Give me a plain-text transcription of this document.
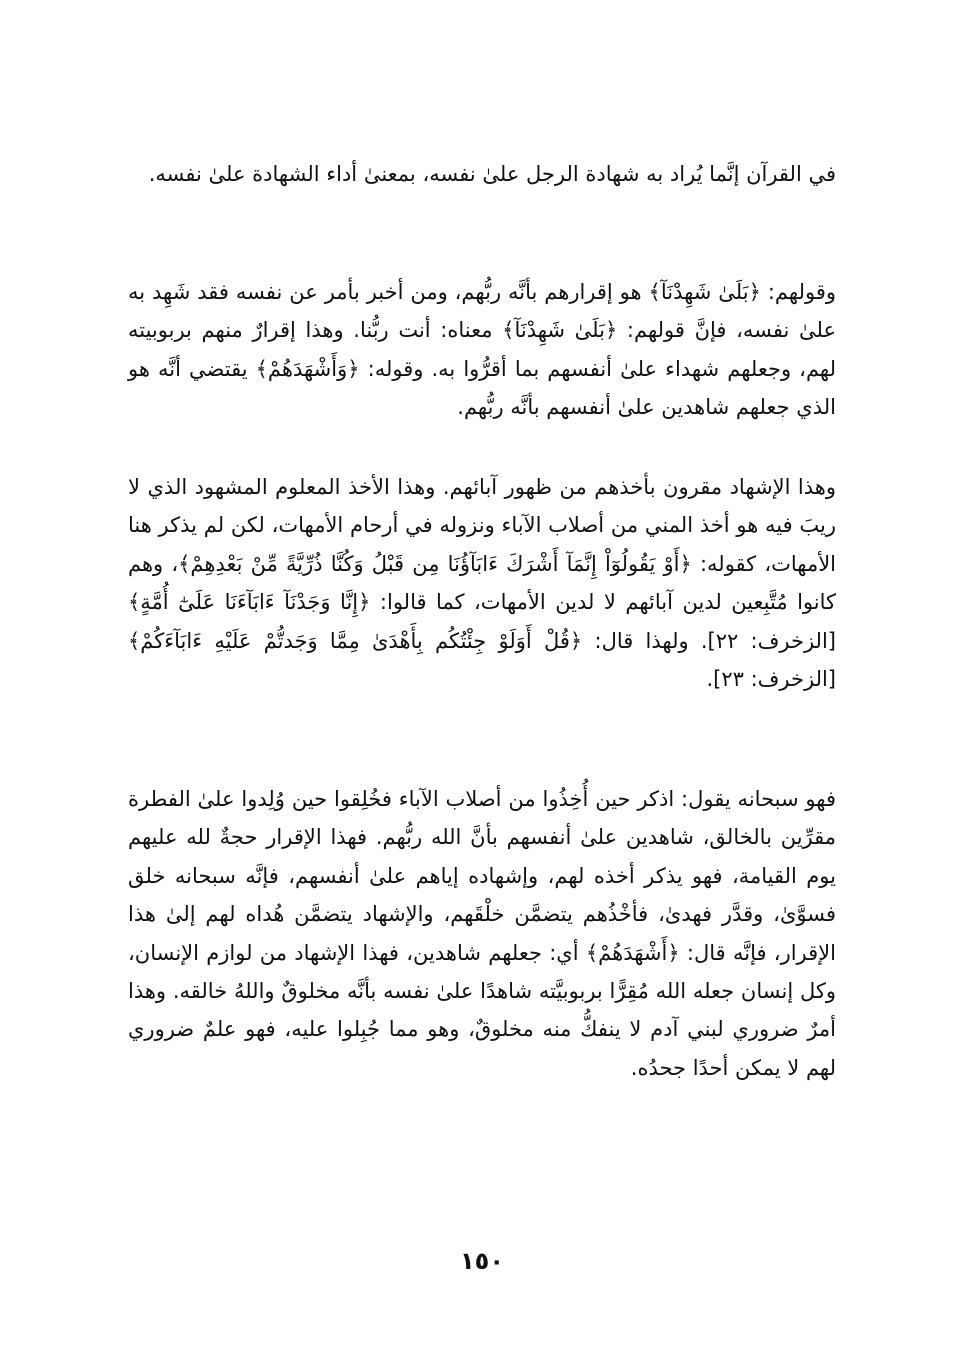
في القرآن إنَّما يُراد به شهادة الرجل علىٰ نفسه، بمعنىٰ أداء الشهادة علىٰ نفسه.

وقولهم: ﴿بَلَىٰ شَهِدْنَآ﴾ هو إقرارهم بأنَّه ربُّهم، ومن أخبر بأمر عن نفسه فقد شَهِد به علىٰ نفسه، فإنَّ قولهم: ﴿بَلَىٰ شَهِدْنَآ﴾ معناه: أنت ربُّنا. وهذا إقرارٌ منهم بربوبيته لهم، وجعلهم شهداء علىٰ أنفسهم بما أقرُّوا به. وقوله: ﴿وَأَشْهَدَهُمْ﴾ يقتضي أنَّه هو الذي جعلهم شاهدين علىٰ أنفسهم بأنَّه ربُّهم.

وهذا الإشهاد مقرون بأخذهم من ظهور آبائهم. وهذا الأخذ المعلوم المشهود الذي لا ريبَ فيه هو أخذ المني من أصلاب الآباء ونزوله في أرحام الأمهات، لكن لم يذكر هنا الأمهات، كقوله: ﴿أَوْ يَقُولُوٓاْ إِنَّمَآ أَشْرَكَ ءَابَآؤُنَا مِن قَبْلُ وَكُنَّا ذُرِّيَّةً مِّنْ بَعْدِهِمْ﴾، وهم كانوا مُتَّبِعين لدين آبائهم لا لدين الأمهات، كما قالوا: ﴿إِنَّا وَجَدْنَآ ءَابَآءَنَا عَلَىٰٓ أُمَّةٍ﴾ [الزخرف: ٢٢]. ولهذا قال: ﴿قُلْ أَوَلَوْ جِئْتُكُم بِأَهْدَىٰ مِمَّا وَجَدتُّمْ عَلَيْهِ ءَابَآءَكُمْ﴾ [الزخرف: ٢٣].

فهو سبحانه يقول: اذكر حين أُخِذُوا من أصلاب الآباء فخُلِقوا حين وُلِدوا علىٰ الفطرة مقرِّين بالخالق، شاهدين علىٰ أنفسهم بأنَّ الله ربُّهم. فهذا الإقرار حجةٌ لله عليهم يوم القيامة، فهو يذكر أخذه لهم، وإشهاده إياهم علىٰ أنفسهم، فإنَّه سبحانه خلق فسوَّىٰ، وقدَّر فهدىٰ، فأخْذُهم يتضمَّن خلْقَهم، والإشهاد يتضمَّن هُداه لهم إلىٰ هذا الإقرار، فإنَّه قال: ﴿أَشْهَدَهُمْ﴾ أي: جعلهم شاهدين، فهذا الإشهاد من لوازم الإنسان، وكل إنسان جعله الله مُقِرًّا بربوبيَّته شاهدًا علىٰ نفسه بأنَّه مخلوقٌ واللهُ خالقه. وهذا أمرٌ ضروري لبني آدم لا ينفكُّ منه مخلوقٌ، وهو مما جُبِلوا عليه، فهو علمٌ ضروري لهم لا يمكن أحدًا جحدُه.

١٥٠
